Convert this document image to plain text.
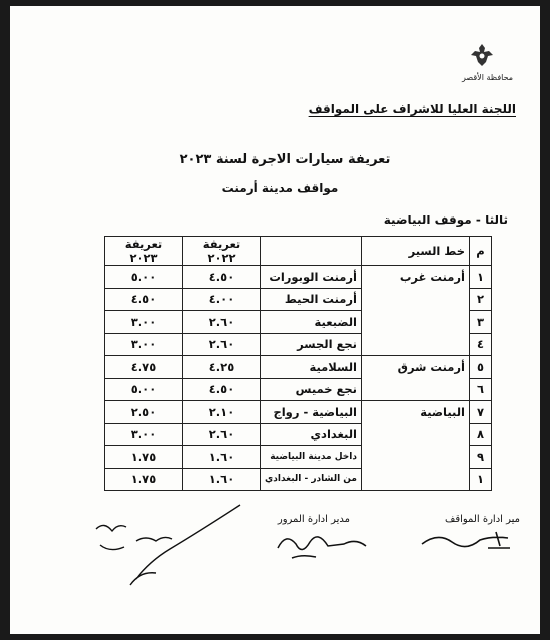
محافظة الأقصر
اللجنة العليا للاشراف على المواقف
تعريفة سيارات الاجرة لسنة ٢٠٢٣
مواقف مدينة أرمنت
ثالثا - موقف البياضية
م	خط السير		تعريفة ٢٠٢٢	تعريفة ٢٠٢٣
١	أرمنت غرب	أرمنت الوبورات	٤.٥٠	٥.٠٠
٢		أرمنت الحيط	٤.٠٠	٤.٥٠
٣		الضبعية	٢.٦٠	٣.٠٠
٤		نجع الجسر	٢.٦٠	٣.٠٠
٥	أرمنت شرق	السلامية	٤.٢٥	٤.٧٥
٦		نجع خميس	٤.٥٠	٥.٠٠
٧	البياضية	البياضية - رواج	٢.١٠	٢.٥٠
٨		البغدادي	٢.٦٠	٣.٠٠
٩		داخل مدينة البياضية	١.٦٠	١.٧٥
١		من الشادر - البغدادي	١.٦٠	١.٧٥
مير ادارة المواقف
مدير ادارة المرور
